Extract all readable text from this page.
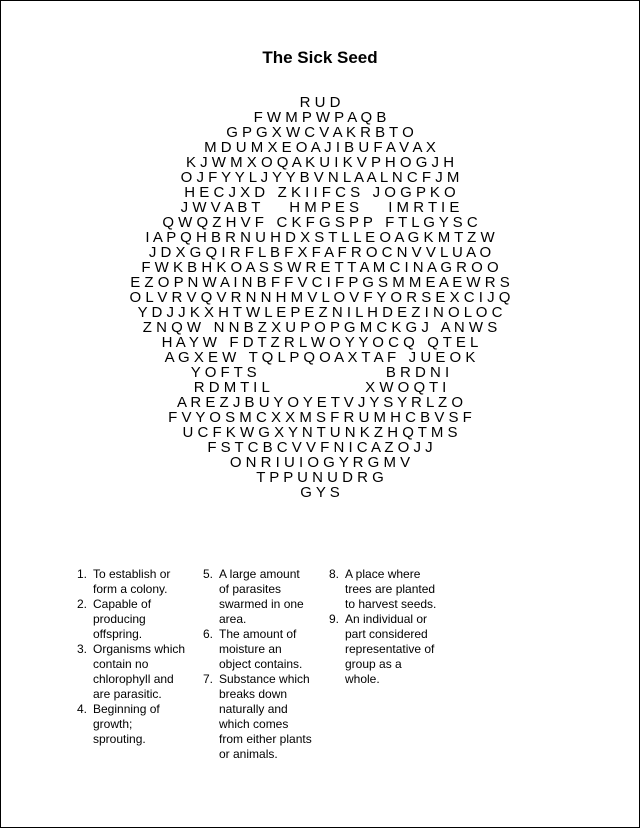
The Sick Seed
R U D
F W M P W P A Q B
G P G X W C V A K R B T O
M D U M X E O A J I B U F A V A X
K J W M X O Q A K U I K V P H O G J H
O J F Y Y L J Y Y B V N L A A L N C F J M
H E C J X D   Z K I I F C S   J O G P K O
J W V A B T       H M P E S       I M R T I E
Q W Q Z H V F   C K F G S P P   F T L G Y S C
I A P Q H B R N U H D X S T L L E O A G K M T Z W
J D X G Q I R F L B F X F A F R O C N V V L U A O
F W K B H K O A S S W R E T T A M C I N A G R O O
E Z O P N W A I N B F F V C I F P G S M M E A E W R S
O L V R V Q V R N N H M V L O V F Y O R S E X C I J Q
Y D J J K X H T W L E P E Z N I L H D E Z I N O L O C
Z N Q W   N N B Z X U P O P G M C K G J   A N W S
H A Y W   F D T Z R L W O Y Y O C Q   Q T E L
A G X E W   T Q L P Q O A X T A F   J U E O K
Y O F T S                               B R D N I
R D M T I L                       X W O Q T I
A R E Z J B U Y O Y E T V J Y S Y R L Z O
F V Y O S M C X X M S F R U M H C B V S F
U C F K W G X Y N T U N K Z H Q T M S
F S T C B C V V F N I C A Z O J J
O N R I U I O G Y R G M V
T P P U N U D R G
G Y S
1. To establish or form a colony.
2. Capable of producing offspring.
3. Organisms which contain no chlorophyll and are parasitic.
4. Beginning of growth; sprouting.
5. A large amount of parasites swarmed in one area.
6. The amount of moisture an object contains.
7. Substance which breaks down naturally and which comes from either plants or animals.
8. A place where trees are planted to harvest seeds.
9. An individual or part considered representative of group as a whole.
